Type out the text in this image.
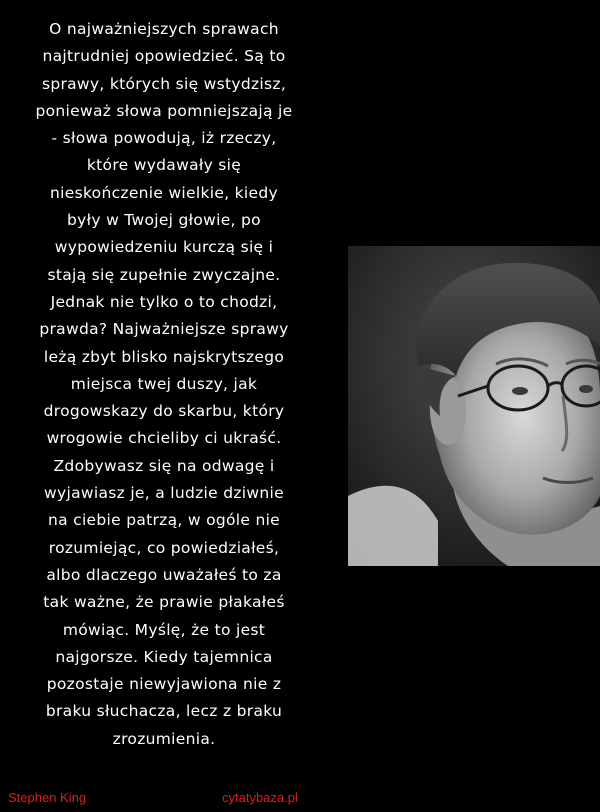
O najważniejszych sprawach
najtrudniej opowiedzieć. Są to
sprawy, których się wstydzisz,
ponieważ słowa pomniejszają je
- słowa powodują, iż rzeczy,
które wydawały się
nieskończenie wielkie, kiedy
były w Twojej głowie, po
wypowiedzeniu kurczą się i
stają się zupełnie zwyczajne.
Jednak nie tylko o to chodzi,
prawda? Najważniejsze sprawy
leżą zbyt blisko najskrytszego
miejsca twej duszy, jak
drogowskazy do skarbu, który
wrogowie chcieliby ci ukraść.
Zdobywasz się na odwagę i
wyjawiasz je, a ludzie dziwnie
na ciebie patrzą, w ogóle nie
rozumiejąc, co powiedziałeś,
albo dlaczego uważałeś to za
tak ważne, że prawie płakałeś
mówiąc. Myślę, że to jest
najgorsze. Kiedy tajemnica
pozostaje niewyjawiona nie z
braku słuchacza, lecz z braku
zrozumienia.
Stephen King	cytatybaza.pl
